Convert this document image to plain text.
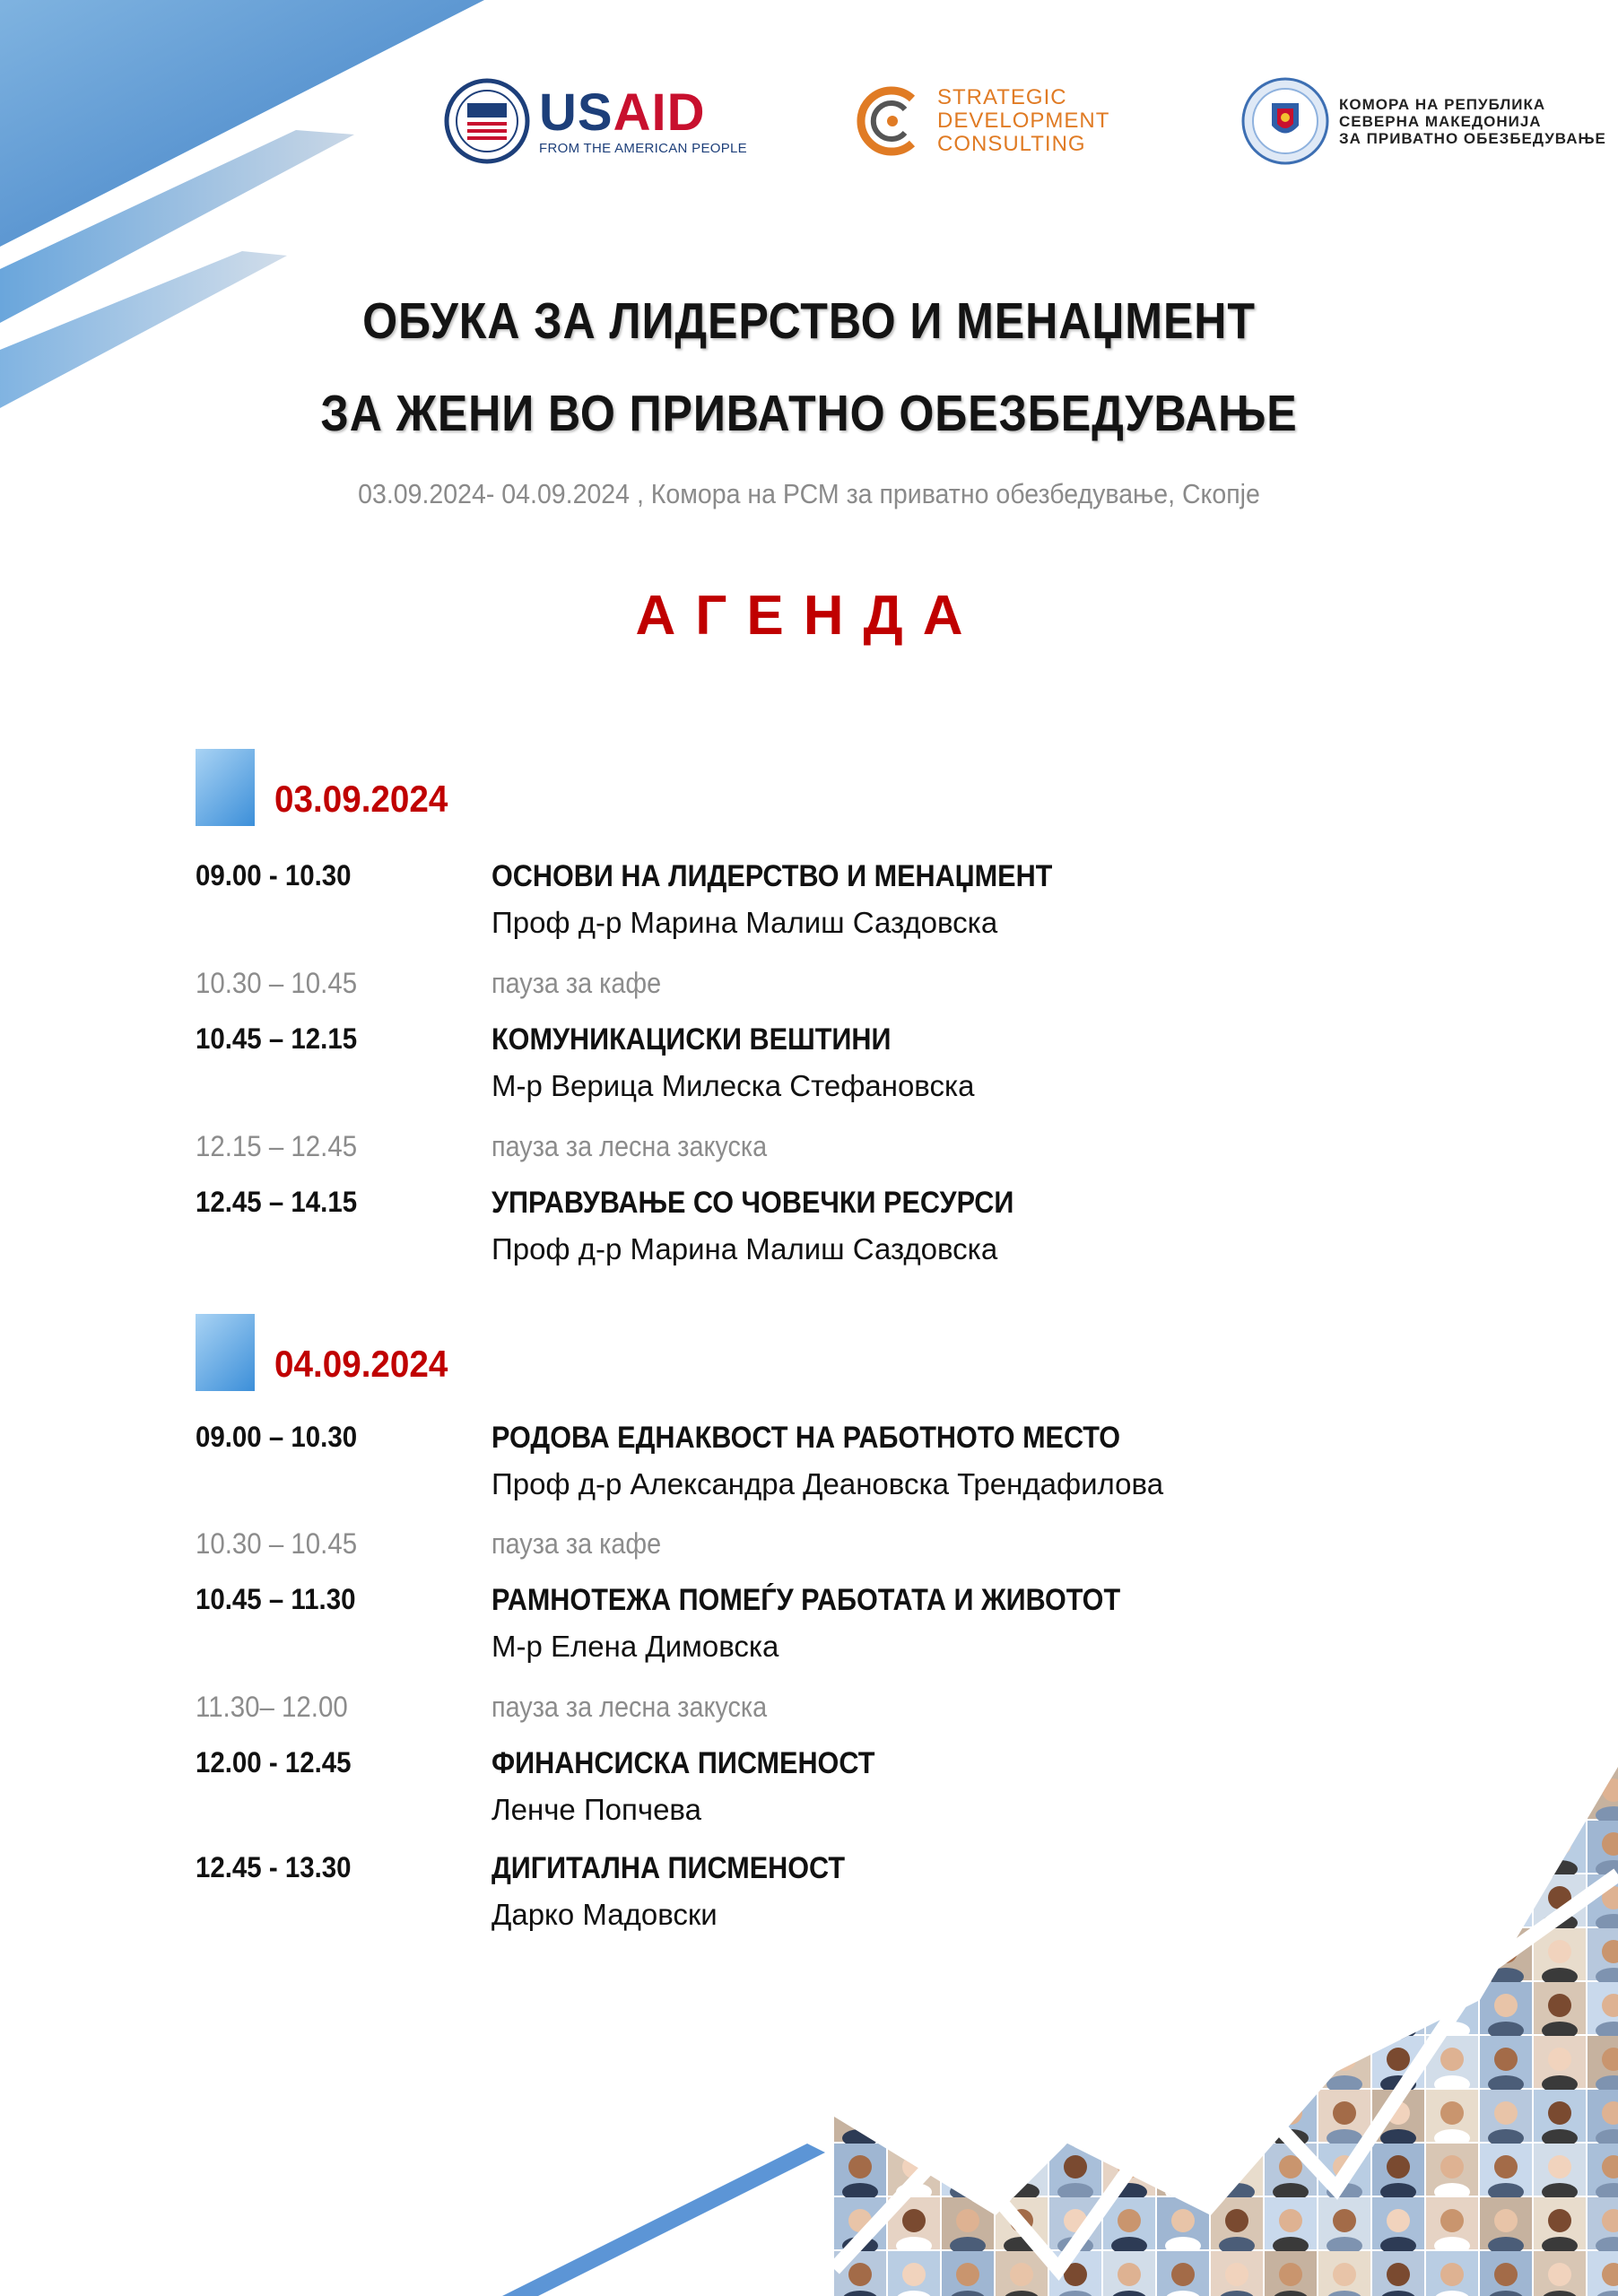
USAID
FROM THE AMERICAN PEOPLE
STRATEGIC
DEVELOPMENT
CONSULTING
КОМОРА НА РЕПУБЛИКА
СЕВЕРНА МАКЕДОНИЈА
ЗА ПРИВАТНО ОБЕЗБЕДУВАЊЕ
ОБУКА ЗА ЛИДЕРСТВО И МЕНАЏМЕНТ
ЗА ЖЕНИ ВО ПРИВАТНО ОБЕЗБЕДУВАЊЕ
03.09.2024- 04.09.2024 , Комора на РСМ за приватно обезбедување, Скопје
АГЕНДА
03.09.2024
09.00 - 10.30	ОСНОВИ НА ЛИДЕРСТВО И МЕНАЏМЕНТ
Проф д-р Марина Малиш Саздовска
10.30 – 10.45	пауза за кафе
10.45 – 12.15	КОМУНИКАЦИСКИ ВЕШТИНИ
М-р Верица Милеска Стефановска
12.15 – 12.45	пауза за лесна закуска
12.45 – 14.15	УПРАВУВАЊЕ СО ЧОВЕЧКИ РЕСУРСИ
Проф д-р Марина Малиш Саздовска
04.09.2024
09.00 – 10.30	РОДОВА ЕДНАКВОСТ НА РАБОТНОТО МЕСТО
Проф д-р Александра Деановска Трендафилова
10.30 – 10.45	пауза за кафе
10.45 – 11.30	РАМНОТЕЖА ПОМЕЃУ РАБОТАТА И ЖИВОТОТ
М-р Елена Димовска
11.30– 12.00	пауза за лесна закуска
12.00 - 12.45	ФИНАНСИСКА ПИСМЕНОСТ
Ленче Попчева
12.45 - 13.30	ДИГИТАЛНА ПИСМЕНОСТ
Дарко Мадовски
